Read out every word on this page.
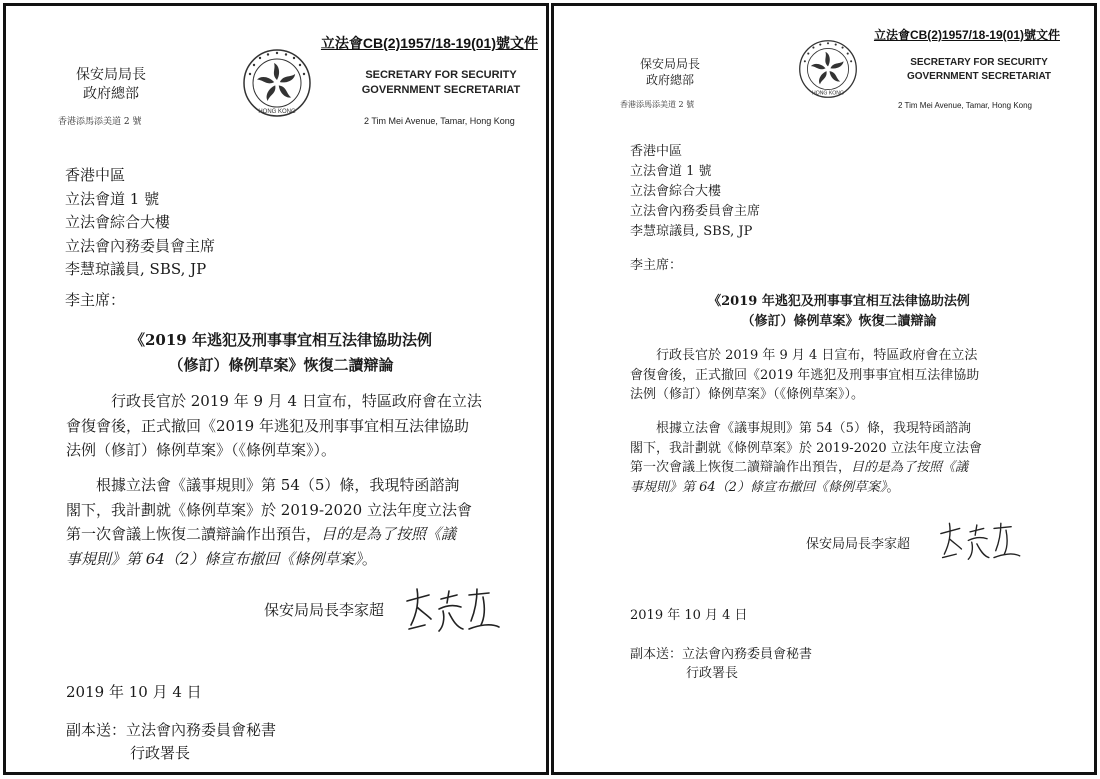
立法會CB(2)1957/18-19(01)號文件
保安局局長
政府總部
HONG KONG
SECRETARY FOR SECURITY
GOVERNMENT SECRETARIAT
香港添馬添美道 2 號	2 Tim Mei Avenue, Tamar, Hong Kong
香港中區
立法會道 1 號
立法會綜合大樓
立法會內務委員會主席
李慧琼議員, SBS, JP
李主席：
《2019 年逃犯及刑事事宜相互法律協助法例
（修訂）條例草案》恢復二讀辯論
行政長官於 2019 年 9 月 4 日宣布，特區政府會在立法
會復會後，正式撤回《2019 年逃犯及刑事事宜相互法律協助
法例（修訂）條例草案》（《條例草案》）。
根據立法會《議事規則》第 54（5）條，我現特函諮詢
閣下，我計劃就《條例草案》於 2019-2020 立法年度立法會
第一次會議上恢復二讀辯論作出預告，目的是為了按照《議
事規則》第 64（2）條宣布撤回《條例草案》。
保安局局長李家超
2019 年 10 月 4 日
副本送：立法會內務委員會秘書
行政署長
立法會CB(2)1957/18-19(01)號文件
保安局局長
政府總部
HONG KONG
SECRETARY FOR SECURITY
GOVERNMENT SECRETARIAT
香港添馬添美道 2 號	2 Tim Mei Avenue, Tamar, Hong Kong
香港中區
立法會道 1 號
立法會綜合大樓
立法會內務委員會主席
李慧琼議員, SBS, JP
李主席：
《2019 年逃犯及刑事事宜相互法律協助法例
（修訂）條例草案》恢復二讀辯論
行政長官於 2019 年 9 月 4 日宣布，特區政府會在立法
會復會後，正式撤回《2019 年逃犯及刑事事宜相互法律協助
法例（修訂）條例草案》（《條例草案》）。
根據立法會《議事規則》第 54（5）條，我現特函諮詢
閣下，我計劃就《條例草案》於 2019-2020 立法年度立法會
第一次會議上恢復二讀辯論作出預告，目的是為了按照《議
事規則》第 64（2）條宣布撤回《條例草案》。
保安局局長李家超
2019 年 10 月 4 日
副本送：立法會內務委員會秘書
行政署長
